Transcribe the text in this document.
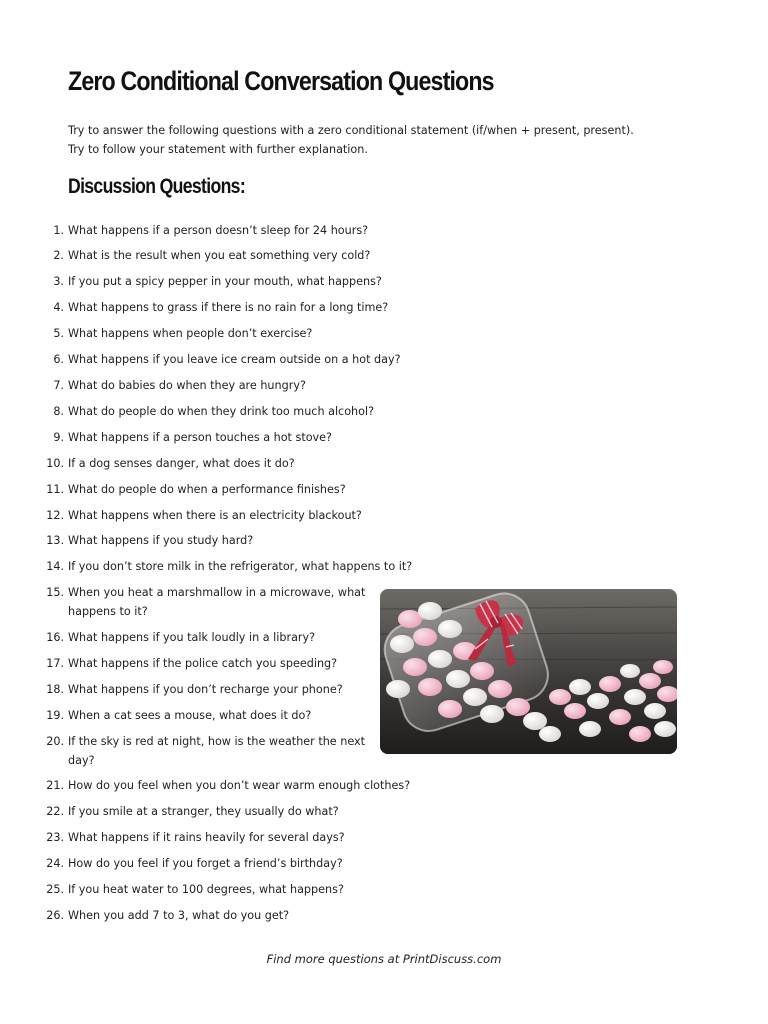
Zero Conditional Conversation Questions
Try to answer the following questions with a zero conditional statement (if/when + present, present).
Try to follow your statement with further explanation.
Discussion Questions:
1. What happens if a person doesn’t sleep for 24 hours?
2. What is the result when you eat something very cold?
3. If you put a spicy pepper in your mouth, what happens?
4. What happens to grass if there is no rain for a long time?
5. What happens when people don’t exercise?
6. What happens if you leave ice cream outside on a hot day?
7. What do babies do when they are hungry?
8. What do people do when they drink too much alcohol?
9. What happens if a person touches a hot stove?
10. If a dog senses danger, what does it do?
11. What do people do when a performance finishes?
12. What happens when there is an electricity blackout?
13. What happens if you study hard?
14. If you don’t store milk in the refrigerator, what happens to it?
15. When you heat a marshmallow in a microwave, what happens to it?
16. What happens if you talk loudly in a library?
17. What happens if the police catch you speeding?
18. What happens if you don’t recharge your phone?
19. When a cat sees a mouse, what does it do?
20. If the sky is red at night, how is the weather the next day?
21. How do you feel when you don’t wear warm enough clothes?
22. If you smile at a stranger, they usually do what?
23. What happens if it rains heavily for several days?
24. How do you feel if you forget a friend’s birthday?
25. If you heat water to 100 degrees, what happens?
26. When you add 7 to 3, what do you get?
Find more questions at PrintDiscuss.com
